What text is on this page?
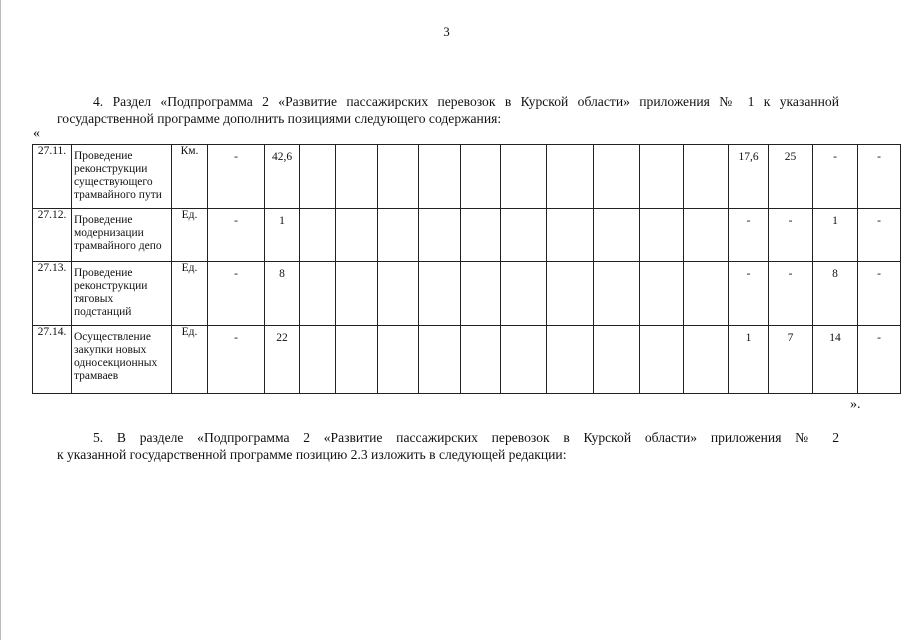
3
4. Раздел «Подпрограмма 2 «Развитие пассажирских перевозок в Курской области» приложения № 1 к указанной государственной программе дополнить позициями следующего содержания:
«
27.11.	Проведение реконструкции существующего трамвайного пути	Км.	-	42,6											17,6	25	-	-
27.12.	Проведение модернизации трамвайного депо	Ед.	-	1											-	-	1	-
27.13.	Проведение реконструкции тяговых подстанций	Ед.	-	8											-	-	8	-
27.14.	Осуществление закупки новых односекционных трамваев	Ед.	-	22											1	7	14	-
».
5. В разделе «Подпрограмма 2 «Развитие пассажирских перевозок в Курской области» приложения № 2
к указанной государственной программе позицию 2.3 изложить в следующей редакции:
